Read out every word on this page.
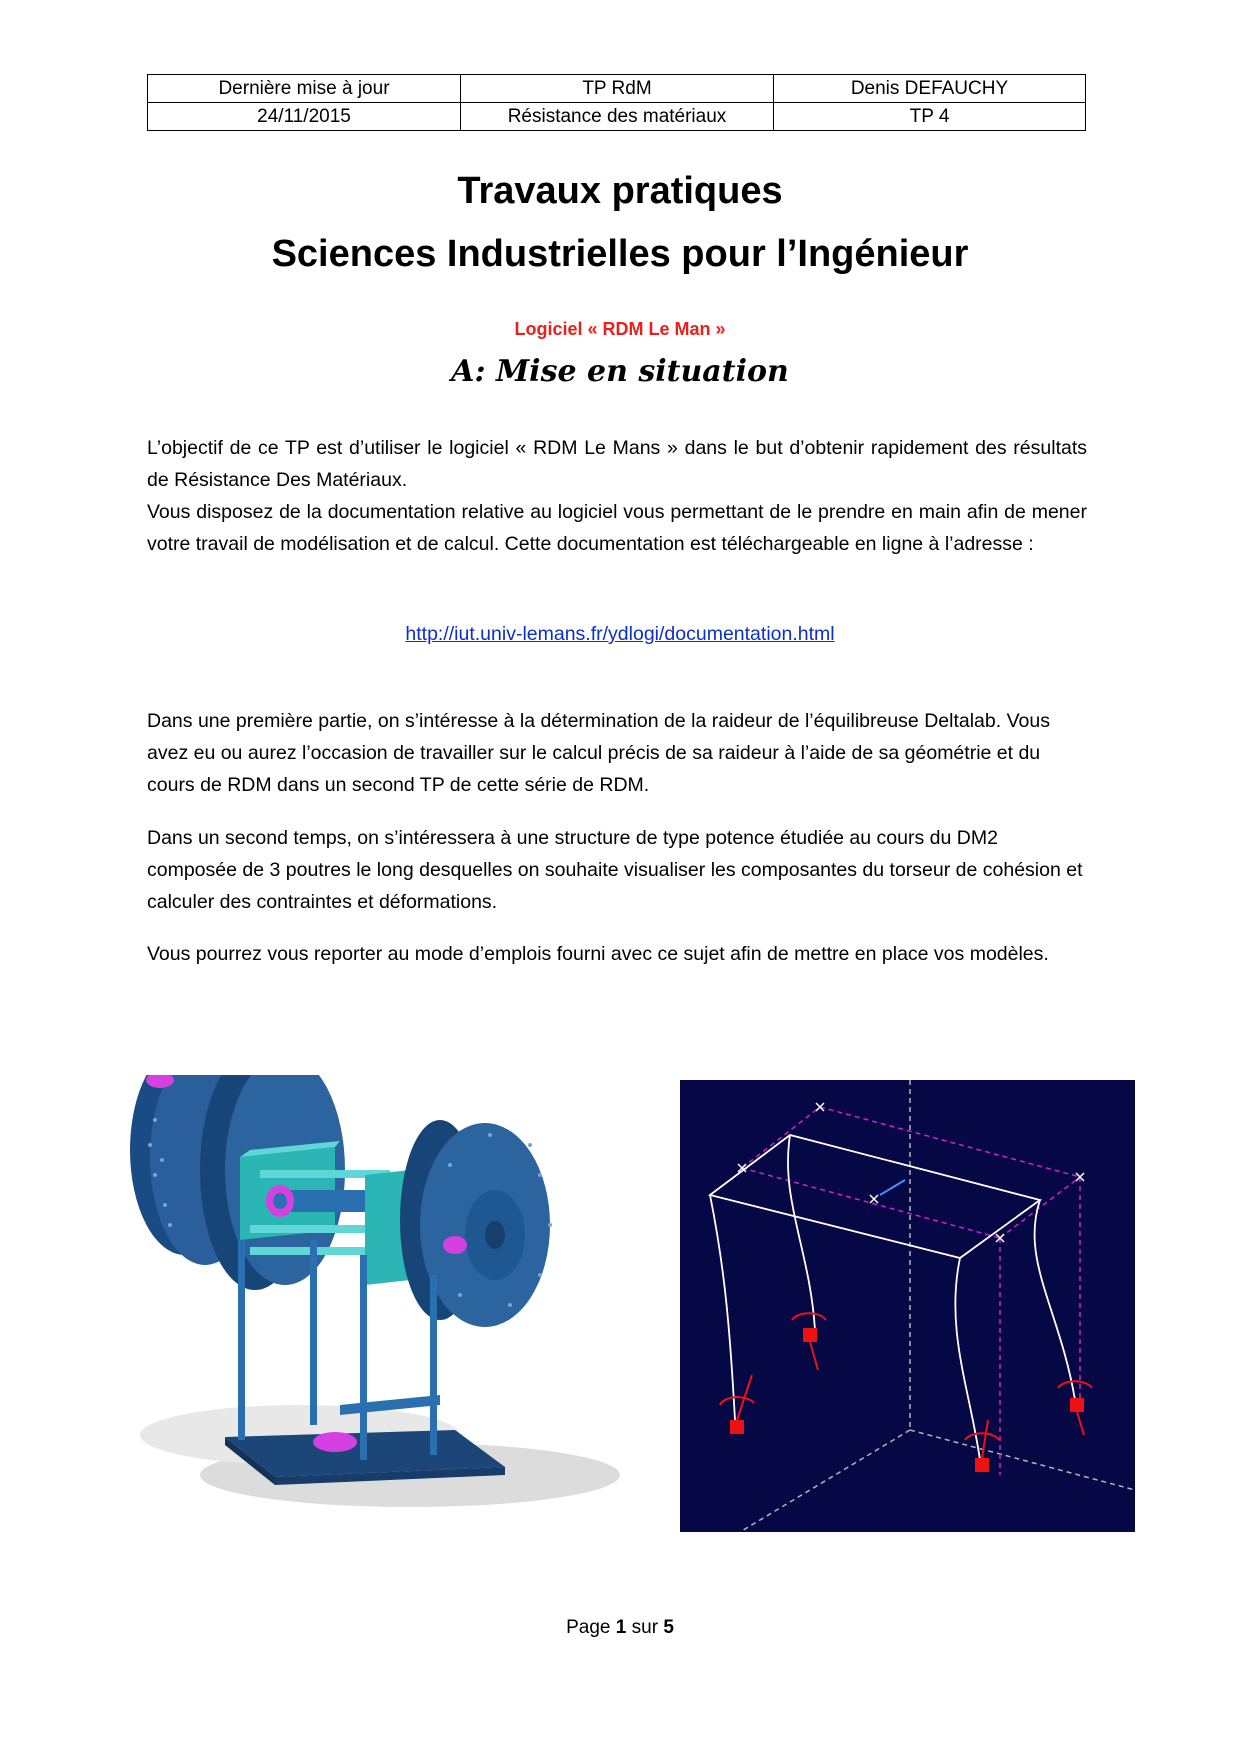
Dernière mise à jour	TP RdM	Denis DEFAUCHY
24/11/2015	Résistance des matériaux	TP 4
Travaux pratiques
Sciences Industrielles pour l’Ingénieur
Logiciel « RDM Le Man »
A: Mise en situation
L’objectif de ce TP est d’utiliser le logiciel « RDM Le Mans » dans le but d’obtenir rapidement des résultats de Résistance Des Matériaux.
Vous disposez de la documentation relative au logiciel vous permettant de le prendre en main afin de mener votre travail de modélisation et de calcul. Cette documentation est téléchargeable en ligne à l’adresse :
http://iut.univ-lemans.fr/ydlogi/documentation.html

Dans une première partie, on s’intéresse à la détermination de la raideur de l’équilibreuse Deltalab. Vous avez eu ou aurez l’occasion de travailler sur le calcul précis de sa raideur à l’aide de sa géométrie et du cours de RDM dans un second TP de cette série de RDM.

Dans un second temps, on s’intéressera à une structure de type potence étudiée au cours du DM2 composée de 3 poutres le long desquelles on souhaite visualiser les composantes du torseur de cohésion et calculer des contraintes et déformations.

Vous pourrez vous reporter au mode d’emplois fourni avec ce sujet afin de mettre en place vos modèles.

Page 1 sur 5
